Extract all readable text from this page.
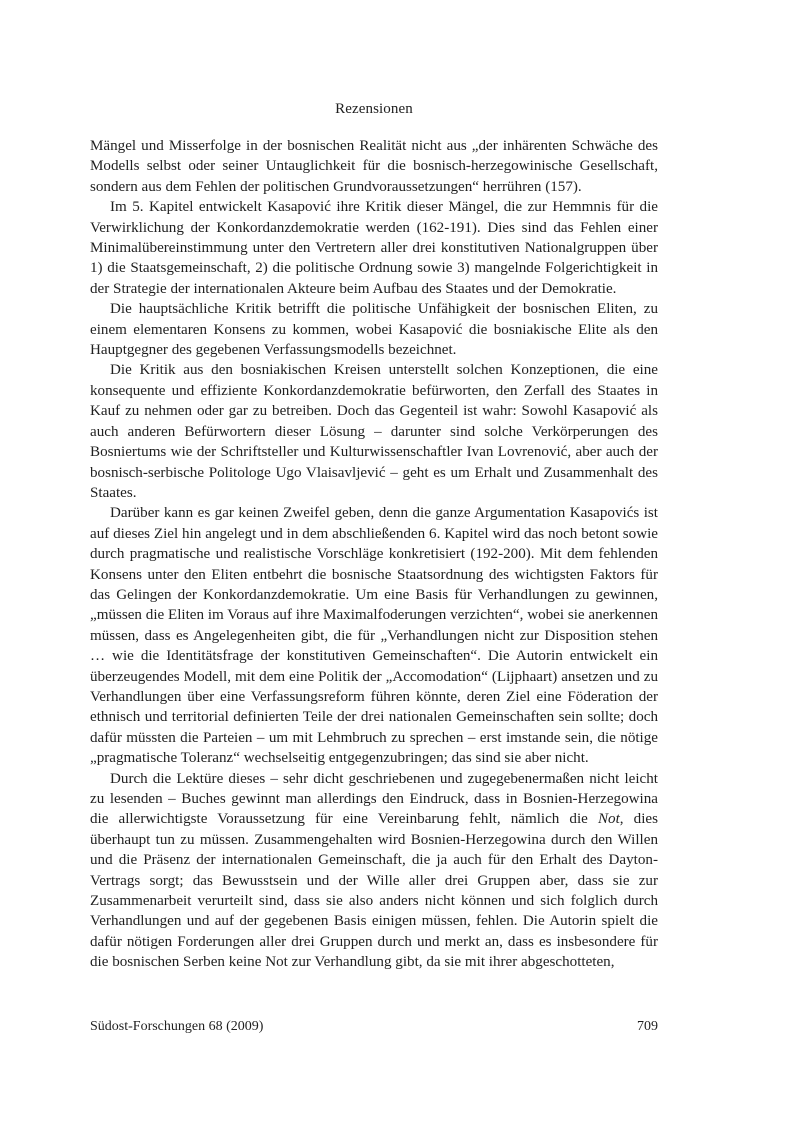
Rezensionen

Mängel und Misserfolge in der bosnischen Realität nicht aus „der inhärenten Schwäche des Modells selbst oder seiner Untauglichkeit für die bosnisch-herzegowinische Gesellschaft, sondern aus dem Fehlen der politischen Grundvoraussetzungen“ herrühren (157).

Im 5. Kapitel entwickelt Kasapović ihre Kritik dieser Mängel, die zur Hemmnis für die Verwirklichung der Konkordanzdemokratie werden (162-191). Dies sind das Fehlen einer Minimalübereinstimmung unter den Vertretern aller drei konstitutiven Nationalgruppen über 1) die Staatsgemeinschaft, 2) die politische Ordnung sowie 3) mangelnde Folgerichtigkeit in der Strategie der internationalen Akteure beim Aufbau des Staates und der Demokratie.

Die hauptsächliche Kritik betrifft die politische Unfähigkeit der bosnischen Eliten, zu einem elementaren Konsens zu kommen, wobei Kasapović die bosniakische Elite als den Hauptgegner des gegebenen Verfassungsmodells bezeichnet.

Die Kritik aus den bosniakischen Kreisen unterstellt solchen Konzeptionen, die eine konsequente und effiziente Konkordanzdemokratie befürworten, den Zerfall des Staates in Kauf zu nehmen oder gar zu betreiben. Doch das Gegenteil ist wahr: Sowohl Kasapović als auch anderen Befürwortern dieser Lösung – darunter sind solche Verkörperungen des Bosniertums wie der Schriftsteller und Kulturwissenschaftler Ivan Lovrenović, aber auch der bosnisch-serbische Politologe Ugo Vlaisavljević – geht es um Erhalt und Zusammenhalt des Staates.

Darüber kann es gar keinen Zweifel geben, denn die ganze Argumentation Kasapovićs ist auf dieses Ziel hin angelegt und in dem abschließenden 6. Kapitel wird das noch betont sowie durch pragmatische und realistische Vorschläge konkretisiert (192-200). Mit dem fehlenden Konsens unter den Eliten entbehrt die bosnische Staatsordnung des wichtigsten Faktors für das Gelingen der Konkordanzdemokratie. Um eine Basis für Verhandlungen zu gewinnen, „müssen die Eliten im Voraus auf ihre Maximalfoderungen verzichten“, wobei sie anerkennen müssen, dass es Angelegenheiten gibt, die für „Verhandlungen nicht zur Disposition stehen … wie die Identitätsfrage der konstitutiven Gemeinschaften“. Die Autorin entwickelt ein überzeugendes Modell, mit dem eine Politik der „Accomodation“ (Lijphaart) ansetzen und zu Verhandlungen über eine Verfassungsreform führen könnte, deren Ziel eine Föderation der ethnisch und territorial definierten Teile der drei nationalen Gemeinschaften sein sollte; doch dafür müssten die Parteien – um mit Lehmbruch zu sprechen – erst imstande sein, die nötige „pragmatische Toleranz“ wechselseitig entgegenzubringen; das sind sie aber nicht.

Durch die Lektüre dieses – sehr dicht geschriebenen und zugegebenermaßen nicht leicht zu lesenden – Buches gewinnt man allerdings den Eindruck, dass in Bosnien-Herzegowina die allerwichtigste Voraussetzung für eine Vereinbarung fehlt, nämlich die Not, dies überhaupt tun zu müssen. Zusammengehalten wird Bosnien-Herzegowina durch den Willen und die Präsenz der internationalen Gemeinschaft, die ja auch für den Erhalt des Dayton-Vertrags sorgt; das Bewusstsein und der Wille aller drei Gruppen aber, dass sie zur Zusammenarbeit verurteilt sind, dass sie also anders nicht können und sich folglich durch Verhandlungen und auf der gegebenen Basis einigen müssen, fehlen. Die Autorin spielt die dafür nötigen Forderungen aller drei Gruppen durch und merkt an, dass es insbesondere für die bosnischen Serben keine Not zur Verhandlung gibt, da sie mit ihrer abgeschotteten,

Südost-Forschungen 68 (2009)	709
